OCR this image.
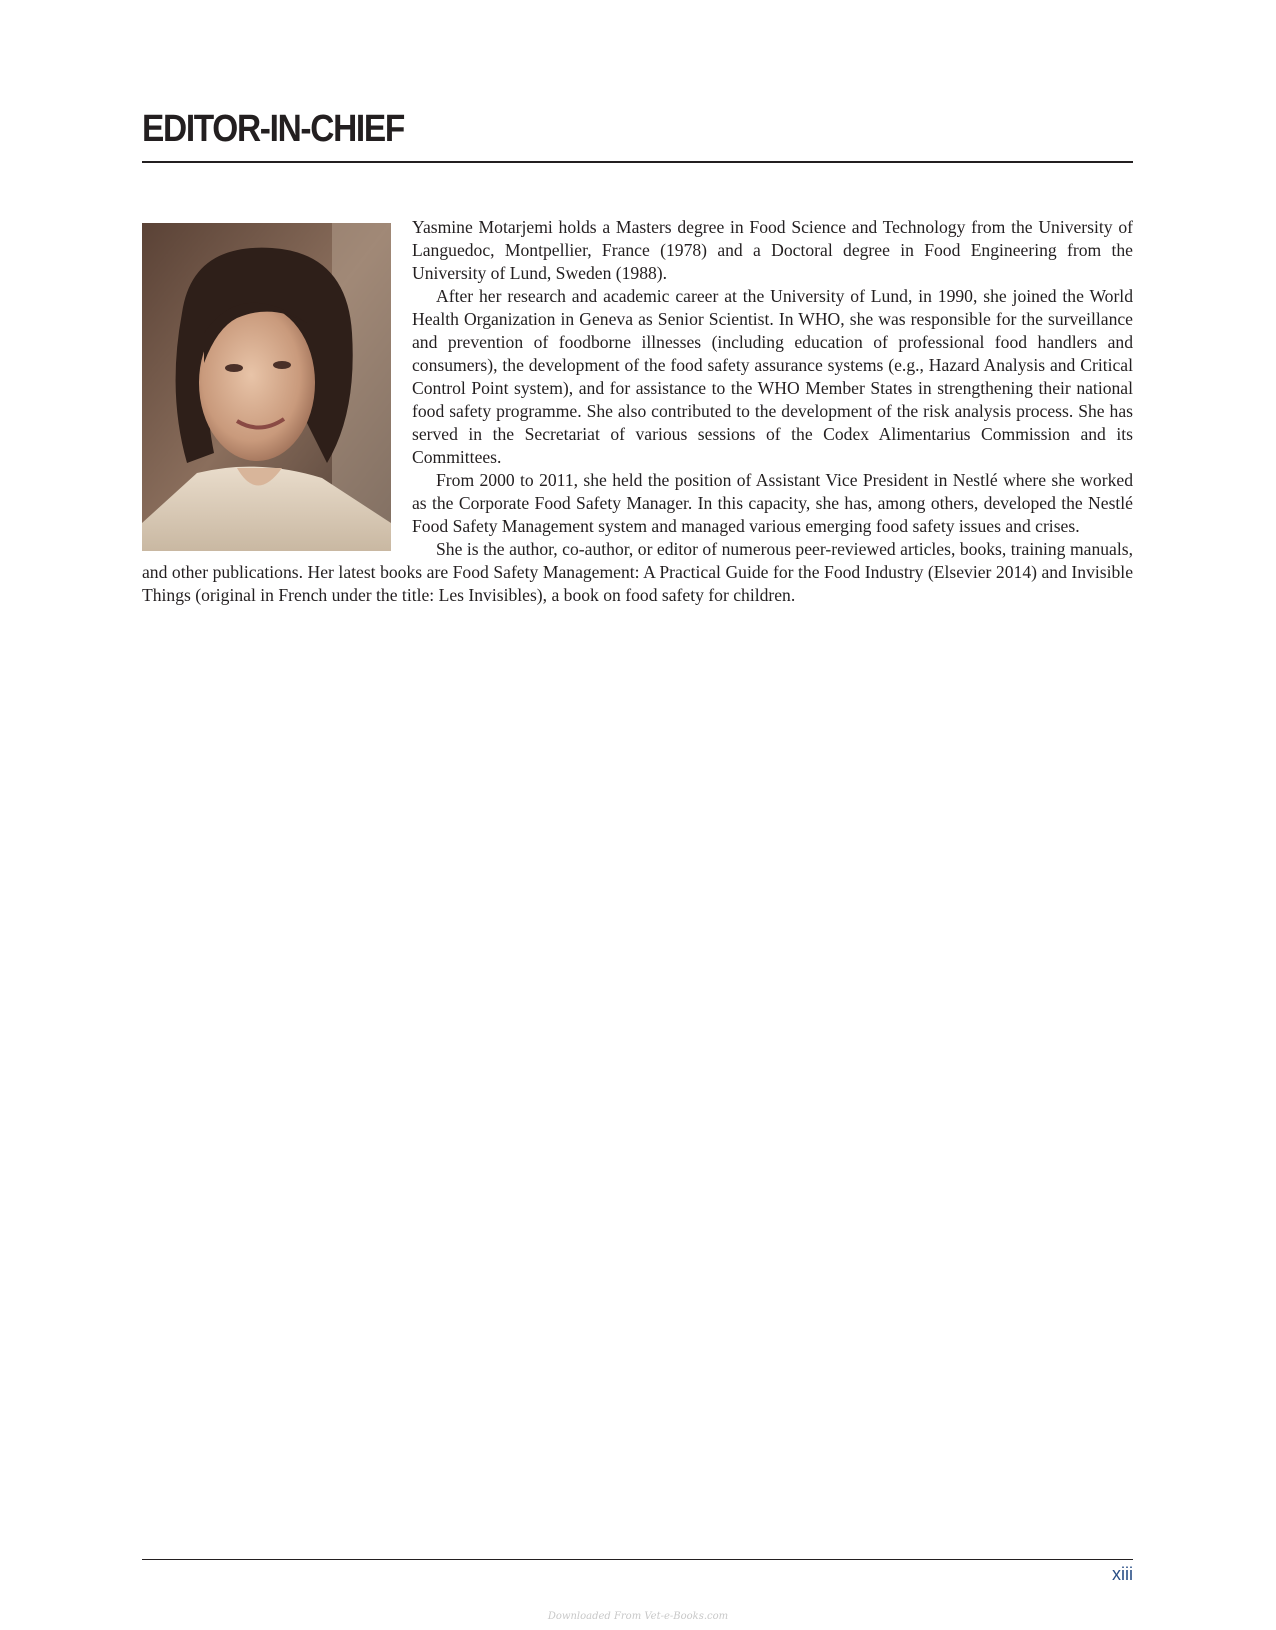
EDITOR-IN-CHIEF

Yasmine Motarjemi holds a Masters degree in Food Science and Technology from the University of Languedoc, Montpellier, France (1978) and a Doctoral degree in Food Engineering from the University of Lund, Sweden (1988).

After her research and academic career at the University of Lund, in 1990, she joined the World Health Organization in Geneva as Senior Scientist. In WHO, she was responsible for the surveillance and prevention of foodborne illnesses (including education of professional food handlers and consumers), the development of the food safety assurance systems (e.g., Hazard Analysis and Critical Control Point system), and for assistance to the WHO Member States in strengthening their national food safety programme. She also contributed to the development of the risk analysis process. She has served in the Secretariat of various sessions of the Codex Alimentarius Commission and its Committees.

From 2000 to 2011, she held the position of Assistant Vice President in Nestlé where she worked as the Corporate Food Safety Manager. In this capacity, she has, among others, developed the Nestlé Food Safety Management system and managed various emerging food safety issues and crises.

She is the author, co-author, or editor of numerous peer-reviewed articles, books, training manuals, and other publications. Her latest books are Food Safety Management: A Practical Guide for the Food Industry (Elsevier 2014) and Invisible Things (original in French under the title: Les Invisibles), a book on food safety for children.

xiii
Downloaded From Vet-e-Books.com
